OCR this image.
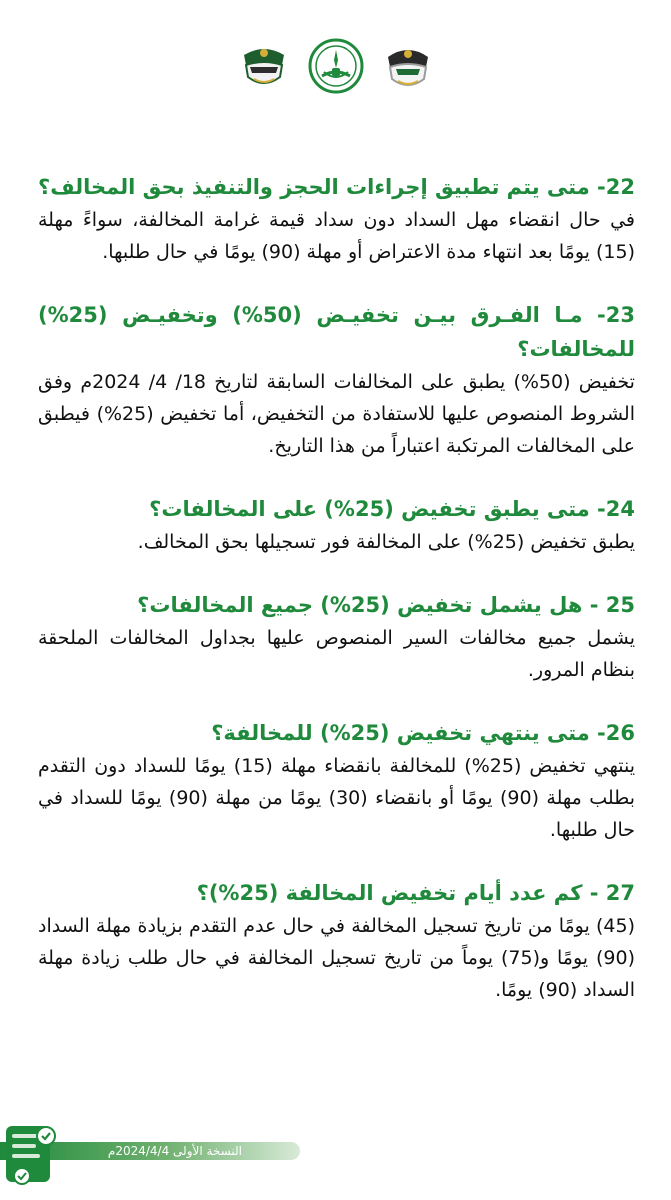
22- متى يتم تطبيق إجراءات الحجز والتنفيذ بحق المخالف؟
في حال انقضاء مهل السداد دون سداد قيمة غرامة المخالفة، سواءً مهلة (15) يومًا بعد انتهاء مدة الاعتراض أو مهلة (90) يومًا في حال طلبها.
23- مـا الفـرق بيـن تخفيـض (50%) وتخفيـض (25%) للمخالفات؟
تخفيض (50%) يطبق على المخالفات السابقة لتاريخ 18/ 4/ 2024م وفق الشروط المنصوص عليها للاستفادة من التخفيض، أما تخفيض (25%) فيطبق على المخالفات المرتكبة اعتباراً من هذا التاريخ.
24- متى يطبق تخفيض (25%) على المخالفات؟
يطبق تخفيض (25%) على المخالفة فور تسجيلها بحق المخالف.
25 - هل يشمل تخفيض (25%) جميع المخالفات؟
يشمل جميع مخالفات السير المنصوص عليها بجداول المخالفات الملحقة بنظام المرور.
26- متى ينتهي تخفيض (25%) للمخالفة؟
ينتهي تخفيض (25%) للمخالفة بانقضاء مهلة (15) يومًا للسداد دون التقدم بطلب مهلة (90) يومًا أو بانقضاء (30) يومًا من مهلة (90) يومًا للسداد في حال طلبها.
27 - كم عدد أيام تخفيض المخالفة (25%)؟
(45) يومًا من تاريخ تسجيل المخالفة في حال عدم التقدم بزيادة مهلة السداد (90) يومًا و(75) يوماً من تاريخ تسجيل المخالفة في حال طلب زيادة مهلة السداد (90) يومًا.
النسخة الأولى 2024/4/4م
